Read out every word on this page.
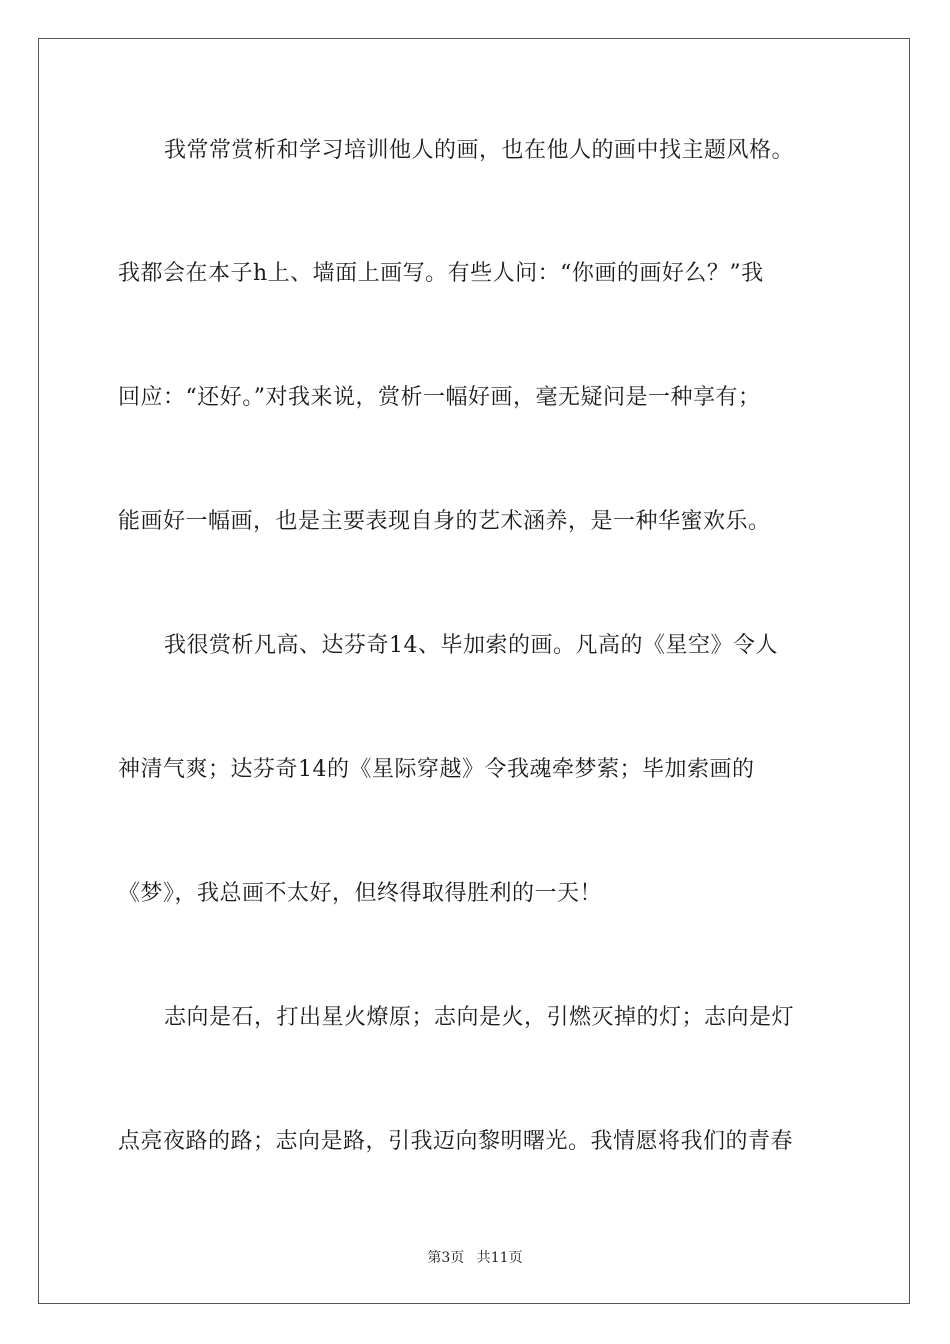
我常常赏析和学习培训他人的画，也在他人的画中找主题风格。
我都会在本子h上、墙面上画写。有些人问：“你画的画好么？”我
回应：“还好。”对我来说，赏析一幅好画，毫无疑问是一种享有；
能画好一幅画，也是主要表现自身的艺术涵养，是一种华蜜欢乐。
我很赏析凡高、达芬奇14、毕加索的画。凡高的《星空》令人
神清气爽；达芬奇14的《星际穿越》令我魂牵梦萦；毕加索画的
《梦》，我总画不太好，但终得取得胜利的一天！
志向是石，打出星火燎原；志向是火，引燃灭掉的灯；志向是灯
点亮夜路的路；志向是路，引我迈向黎明曙光。我情愿将我们的青春
第3页 共11页
